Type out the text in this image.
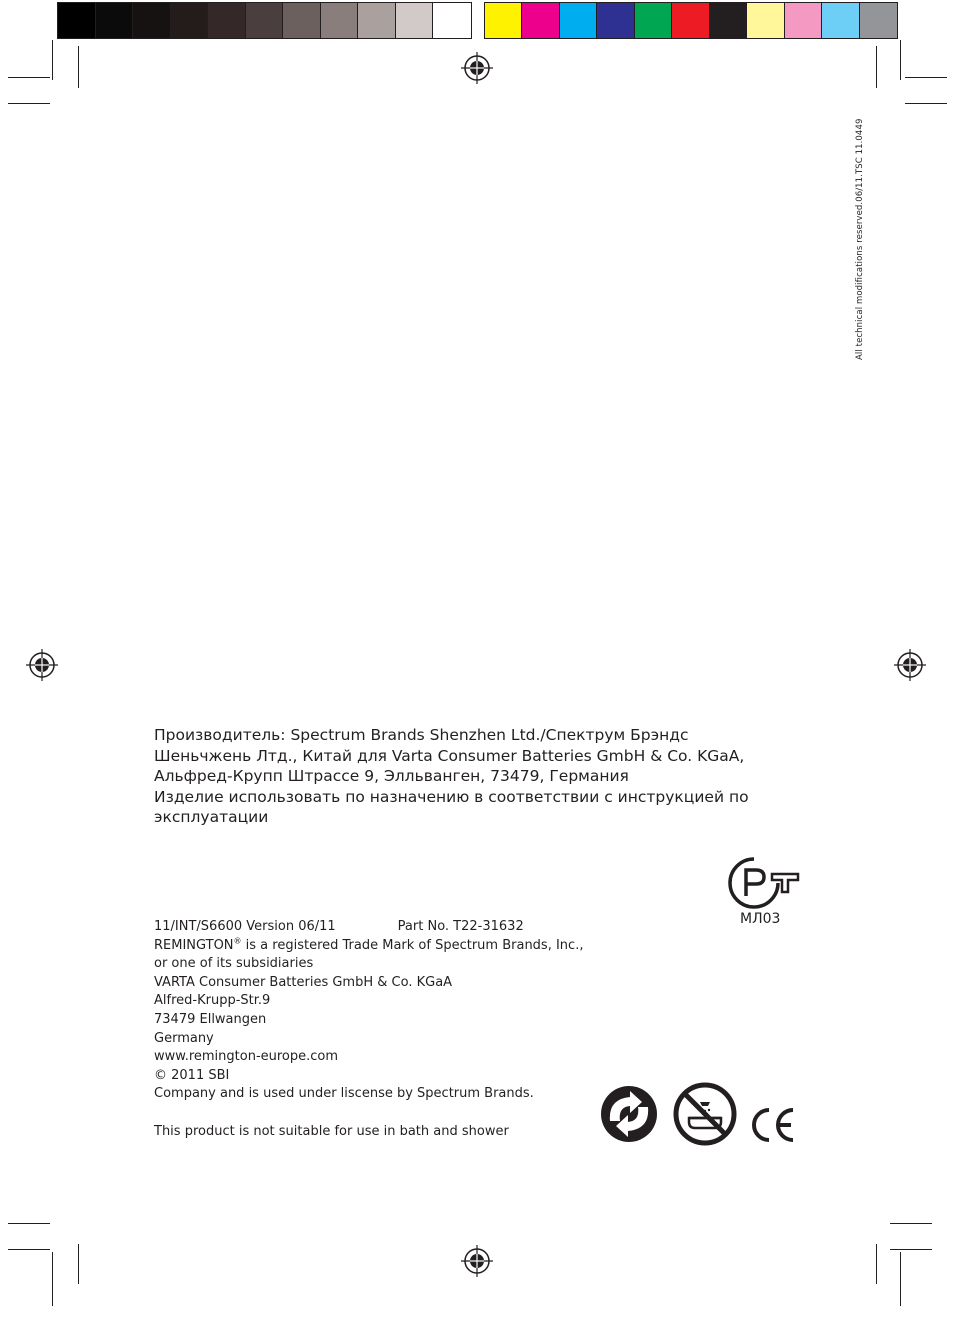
All technical modifications reserved.06/11.TSC 11.0449
Производитель: Spectrum Brands Shenzhen Ltd./Спектрум Брэндс
Шеньчжень Лтд., Китай для Varta Consumer Batteries GmbH & Co. KGaA,
Альфред-Крупп Штрассе 9, Элльванген, 73479, Германия
Изделие использовать по назначению в соответствии с инструкцией по
эксплуатации
МЛ03
11/INT/S6600 Version 06/11	Part No. T22-31632
REMINGTON® is a registered Trade Mark of Spectrum Brands, Inc.,
or one of its subsidiaries
VARTA Consumer Batteries GmbH & Co. KGaA
Alfred-Krupp-Str.9
73479 Ellwangen
Germany
www.remington-europe.com
© 2011 SBI
Company and is used under liscense by Spectrum Brands.
This product is not suitable for use in bath and shower
